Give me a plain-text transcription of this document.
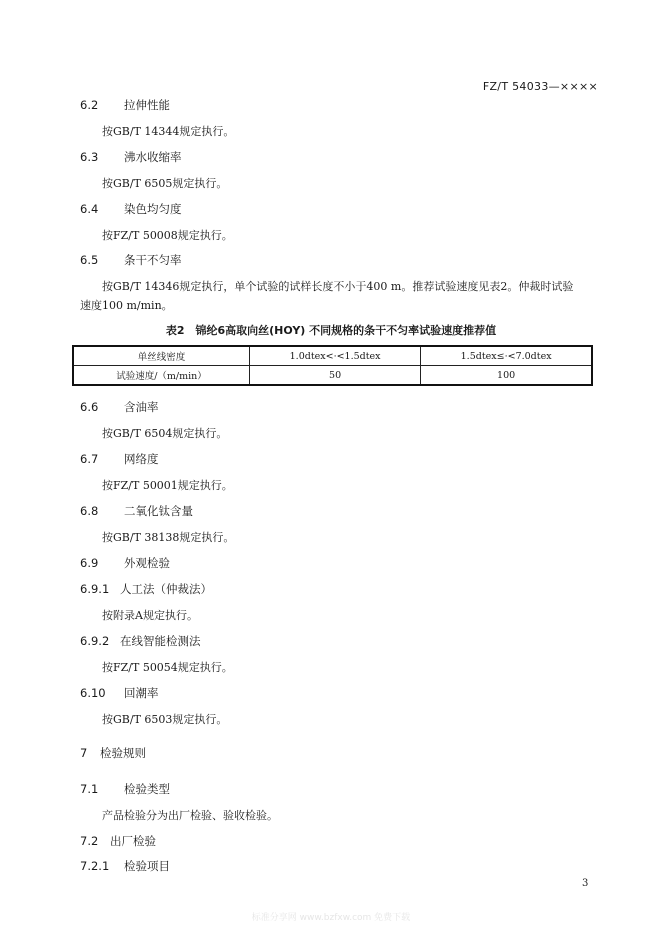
FZ/T 54033—××××
6.2 拉伸性能
按GB/T 14344规定执行。
6.3 沸水收缩率
按GB/T 6505规定执行。
6.4 染色均匀度
按FZ/T 50008规定执行。
6.5 条干不匀率
按GB/T 14346规定执行，单个试验的试样长度不小于400 m。推荐试验速度见表2。仲裁时试验
速度100 m/min。
表2　锦纶6高取向丝(HOY) 不同规格的条干不匀率试验速度推荐值
单丝线密度	1.0dtex<·<1.5dtex	1.5dtex≤·<7.0dtex
试验速度/（m/min）	50	100
6.6 含油率
按GB/T 6504规定执行。
6.7 网络度
按FZ/T 50001规定执行。
6.8 二氧化钛含量
按GB/T 38138规定执行。
6.9 外观检验
6.9.1 人工法（仲裁法）
按附录A规定执行。
6.9.2 在线智能检测法
按FZ/T 50054规定执行。
6.10 回潮率
按GB/T 6503规定执行。
7 检验规则
7.1 检验类型
产品检验分为出厂检验、验收检验。
7.2 出厂检验
7.2.1 检验项目
3
标准分享网 www.bzfxw.com 免费下载
